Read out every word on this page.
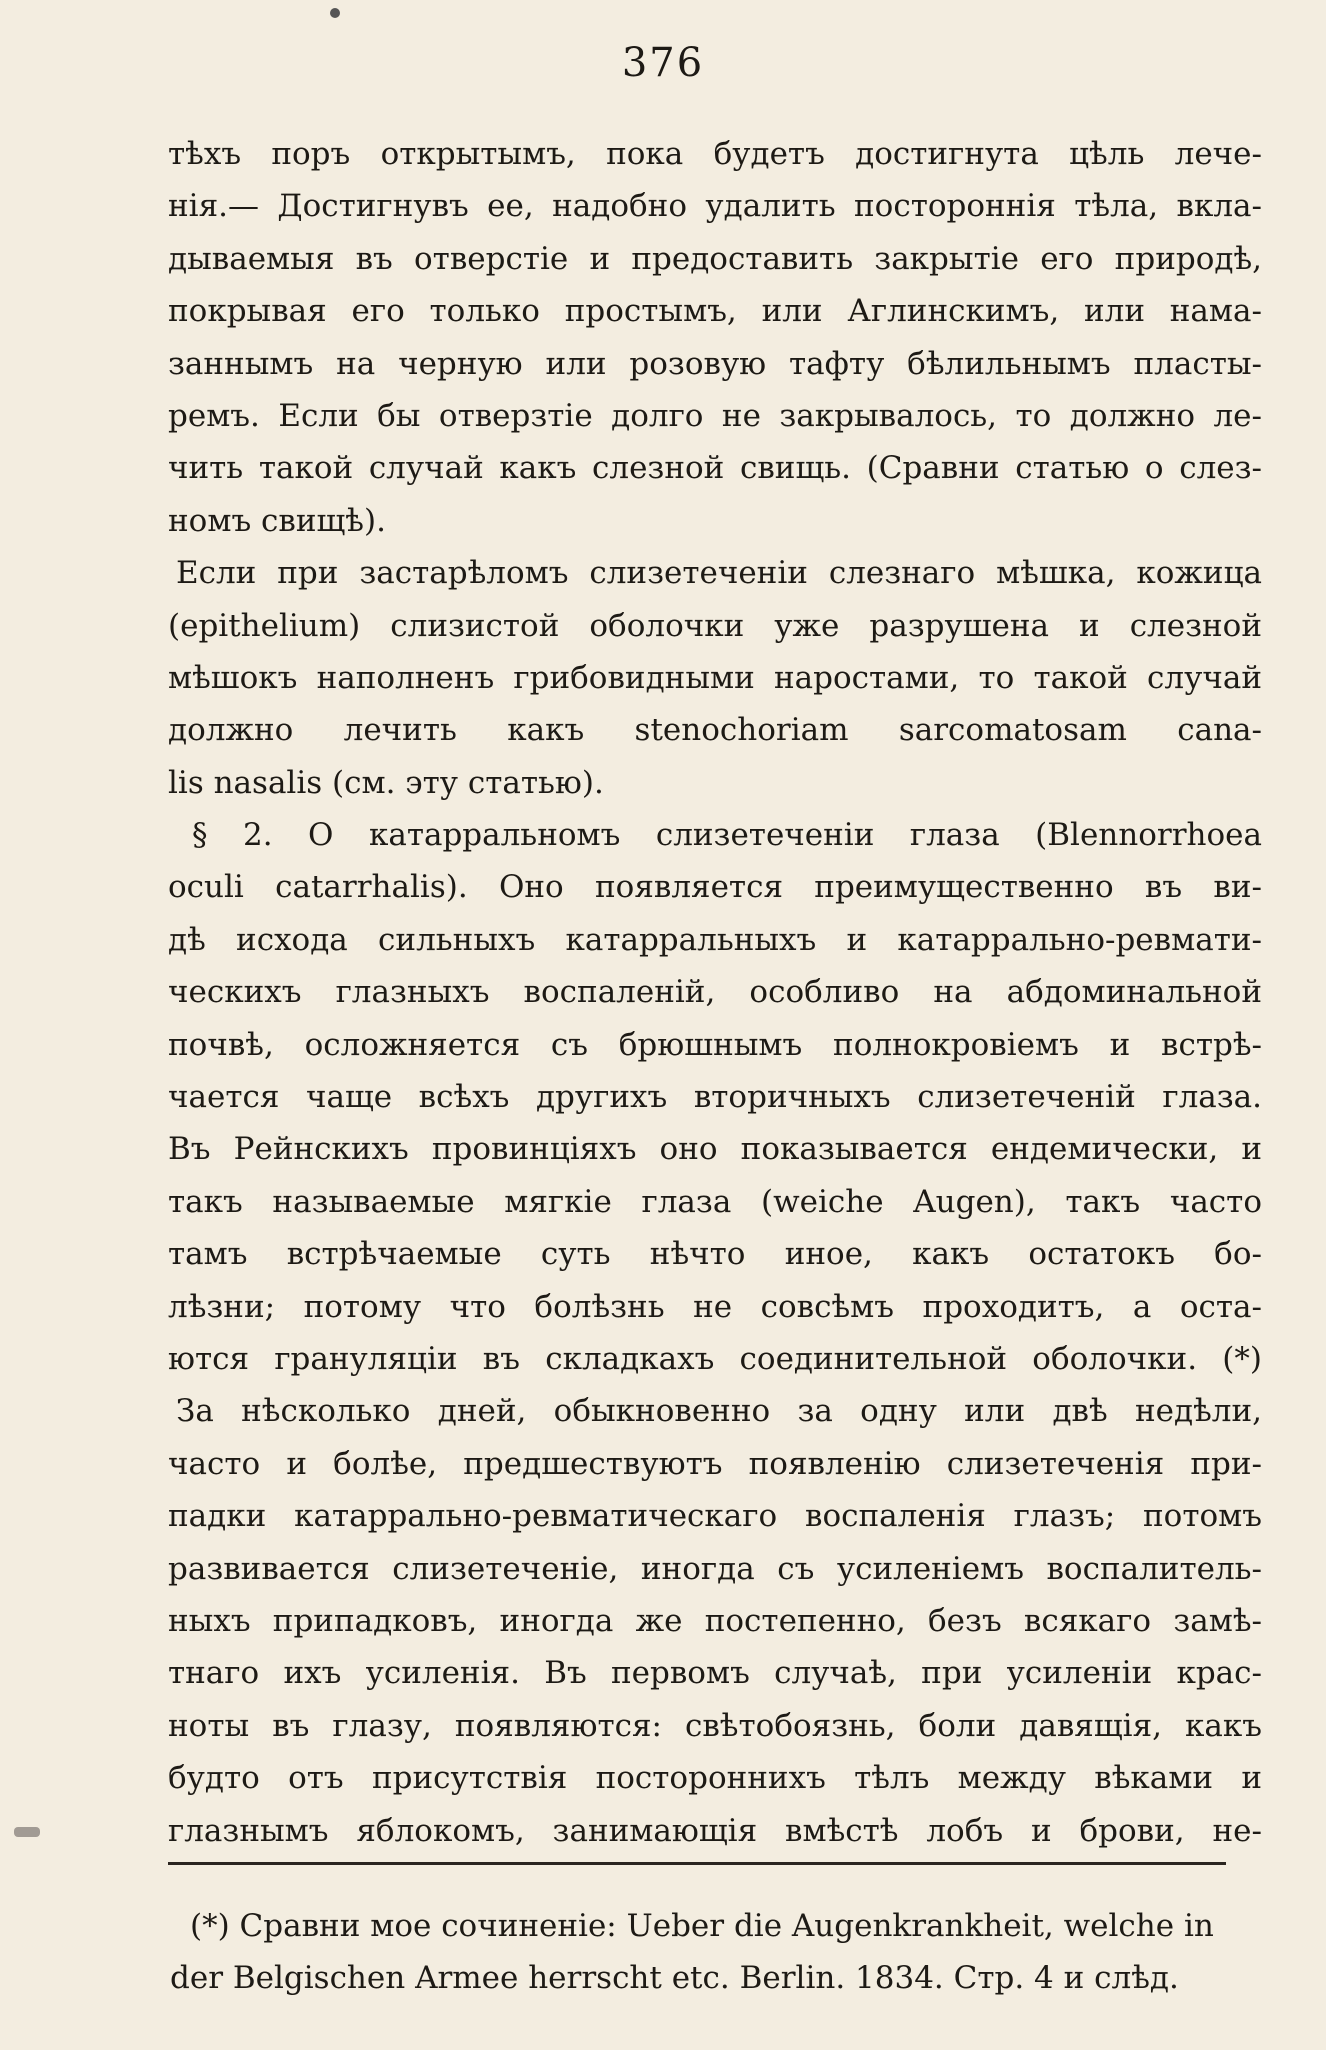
376
тѣхъ поръ открытымъ, пока будетъ достигнута цѣль лече-
нія.— Достигнувъ ее, надобно удалить постороннія тѣла, вкла-
дываемыя въ отверстіе и предоставить закрытіе его природѣ,
покрывая его только простымъ, или Аглинскимъ, или нама-
заннымъ на черную или розовую тафту бѣлильнымъ пласты-
ремъ. Если бы отверзтіе долго не закрывалось, то должно ле-
чить такой случай какъ слезной свищь. (Сравни статью о слез-
номъ свищѣ).
Если при застарѣломъ слизетеченіи слезнаго мѣшка, кожица
(epithelium) слизистой оболочки уже разрушена и слезной
мѣшокъ наполненъ грибовидными наростами, то такой случай
должно лечить какъ stenochoriam sarcomatosam cana-
lis nasalis (см. эту статью).
§ 2. О катарральномъ слизетеченіи глаза (Blennorrhoea
oculi catarrhalis). Оно появляется преимущественно въ ви-
дѣ исхода сильныхъ катарральныхъ и катаррально-ревмати-
ческихъ глазныхъ воспаленій, особливо на абдоминальной
почвѣ, осложняется съ брюшнымъ полнокровіемъ и встрѣ-
чается чаще всѣхъ другихъ вторичныхъ слизетеченій глаза.
Въ Рейнскихъ провинціяхъ оно показывается ендемически, и
такъ называемые мягкіе глаза (weiche Augen), такъ часто
тамъ встрѣчаемые суть нѣчто иное, какъ остатокъ бо-
лѣзни; потому что болѣзнь не совсѣмъ проходитъ, а оста-
ются грануляціи въ складкахъ соединительной оболочки. (*)
За нѣсколько дней, обыкновенно за одну или двѣ недѣли,
часто и болѣе, предшествуютъ появленію слизетеченія при-
падки катаррально-ревматическаго воспаленія глазъ; потомъ
развивается слизетеченіе, иногда съ усиленіемъ воспалитель-
ныхъ припадковъ, иногда же постепенно, безъ всякаго замѣ-
тнаго ихъ усиленія. Въ первомъ случаѣ, при усиленіи крас-
ноты въ глазу, появляются: свѣтобоязнь, боли давящія, какъ
будто отъ присутствія постороннихъ тѣлъ между вѣками и
глазнымъ яблокомъ, занимающія вмѣстѣ лобъ и брови, не-
(*) Сравни мое сочиненіе: Ueber die Augenkrankheit, welche in
der Belgischen Armee herrscht etc. Berlin. 1834. Стр. 4 и слѣд.
